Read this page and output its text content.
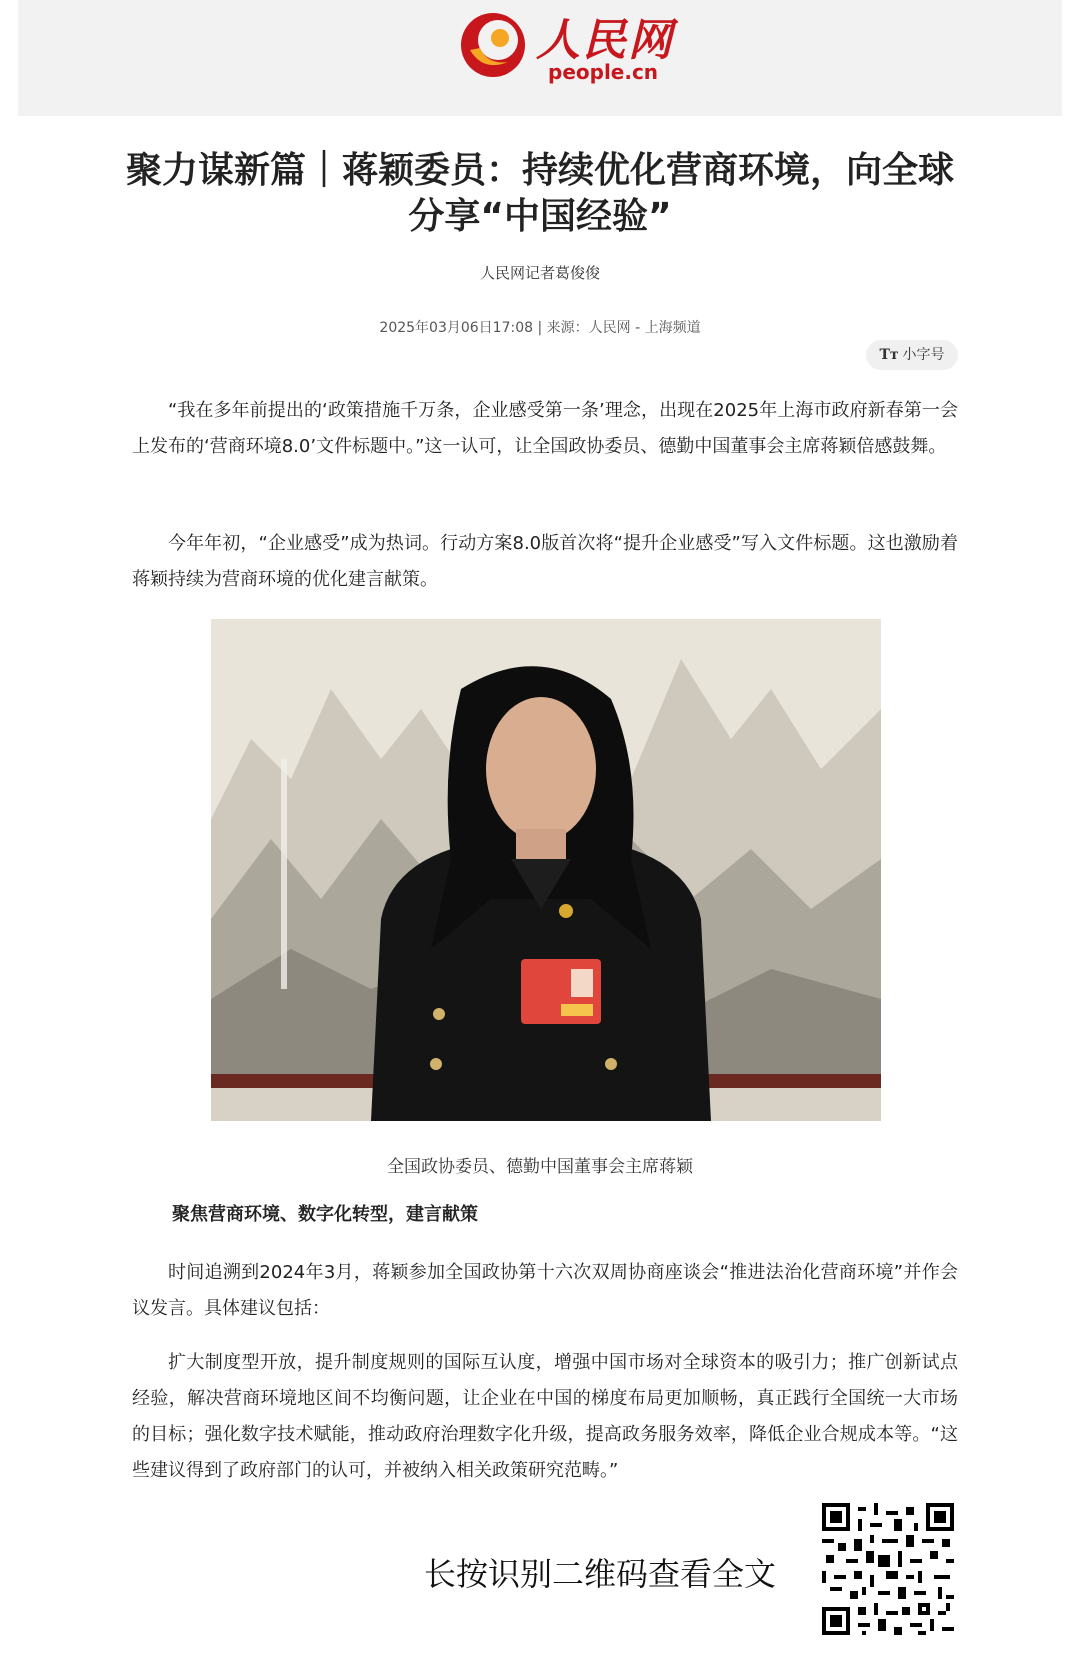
人民网
people.cn
聚力谋新篇｜蒋颖委员：持续优化营商环境，向全球分享“中国经验”
人民网记者葛俊俊
2025年03月06日17:08 | 来源：人民网 - 上海频道
Tт 小字号

“我在多年前提出的‘政策措施千万条，企业感受第一条’理念，出现在2025年上海市政府新春第一会上发布的‘营商环境8.0’文件标题中。”这一认可，让全国政协委员、德勤中国董事会主席蒋颖倍感鼓舞。

今年年初，“企业感受”成为热词。行动方案8.0版首次将“提升企业感受”写入文件标题。这也激励着蒋颖持续为营商环境的优化建言献策。

全国政协委员、德勤中国董事会主席蒋颖
聚焦营商环境、数字化转型，建言献策

时间追溯到2024年3月，蒋颖参加全国政协第十六次双周协商座谈会“推进法治化营商环境”并作会议发言。具体建议包括：

扩大制度型开放，提升制度规则的国际互认度，增强中国市场对全球资本的吸引力；推广创新试点经验，解决营商环境地区间不均衡问题，让企业在中国的梯度布局更加顺畅，真正践行全国统一大市场的目标；强化数字技术赋能，推动政府治理数字化升级，提高政务服务效率，降低企业合规成本等。“这些建议得到了政府部门的认可，并被纳入相关政策研究范畴。”

长按识别二维码查看全文
